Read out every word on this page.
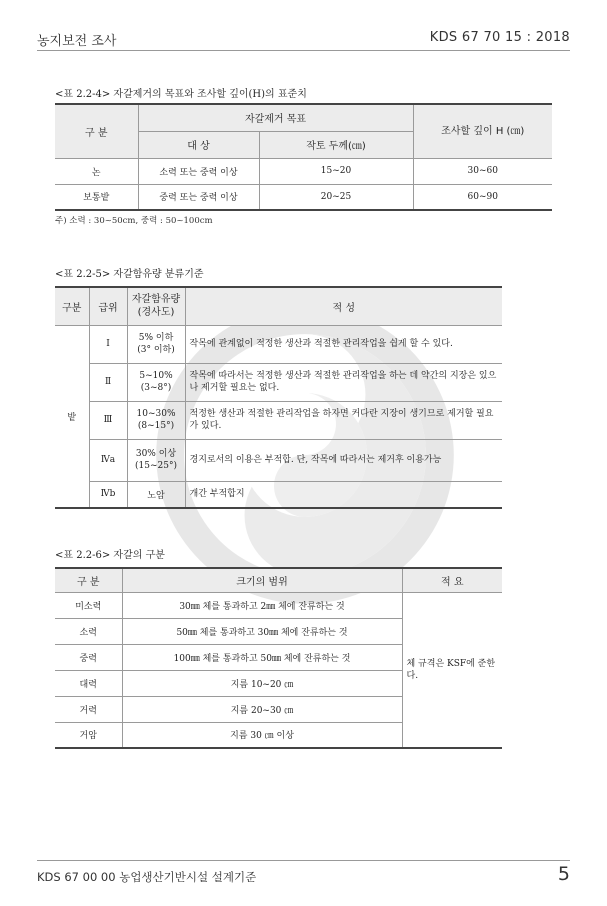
농지보전 조사	KDS 67 70 15 : 2018
<표 2.2-4> 자갈제거의 목표와 조사할 깊이(H)의 표준치
구 분	자갈제거 목표		조사할 깊이 H (㎝)
	대 상	작토 두께(㎝)	
논	소력 또는 중력 이상	15~20	30~60
보통밭	중력 또는 중력 이상	20~25	60~90
주) 소력 : 30~50cm, 중력 : 50~100cm
<표 2.2-5> 자갈함유량 분류기준
구분	급위	자갈함유량 (경사도)	적 성
밭	Ⅰ	5% 이하 (3° 이하)	작목에 관계없이 적정한 생산과 적절한 관리작업을 쉽게 할 수 있다.
	Ⅱ	5~10% (3~8°)	작목에 따라서는 적정한 생산과 적절한 관리작업을 하는 데 약간의 지장은 있으나 제거할 필요는 없다.
	Ⅲ	10~30% (8~15°)	적정한 생산과 적절한 관리작업을 하자면 커다란 지장이 생기므로 제거할 필요가 있다.
	Ⅳa	30% 이상 (15~25°)	경지로서의 이용은 부적합. 단, 작목에 따라서는 제거후 이용가능
	Ⅳb	노암	개간 부적합지
<표 2.2-6> 자갈의 구분
구 분	크기의 범위	적 요
미소력	30㎜ 체를 통과하고 2㎜ 체에 잔류하는 것	체 규격은 KSF에 준한다.
소력	50㎜ 체를 통과하고 30㎜ 체에 잔류하는 것	
중력	100㎜ 체를 통과하고 50㎜ 체에 잔류하는 것	
대력	지름 10~20 ㎝	
거력	지름 20~30 ㎝	
거암	지름 30 ㎝ 이상	
KDS 67 00 00 농업생산기반시설 설계기준	5
